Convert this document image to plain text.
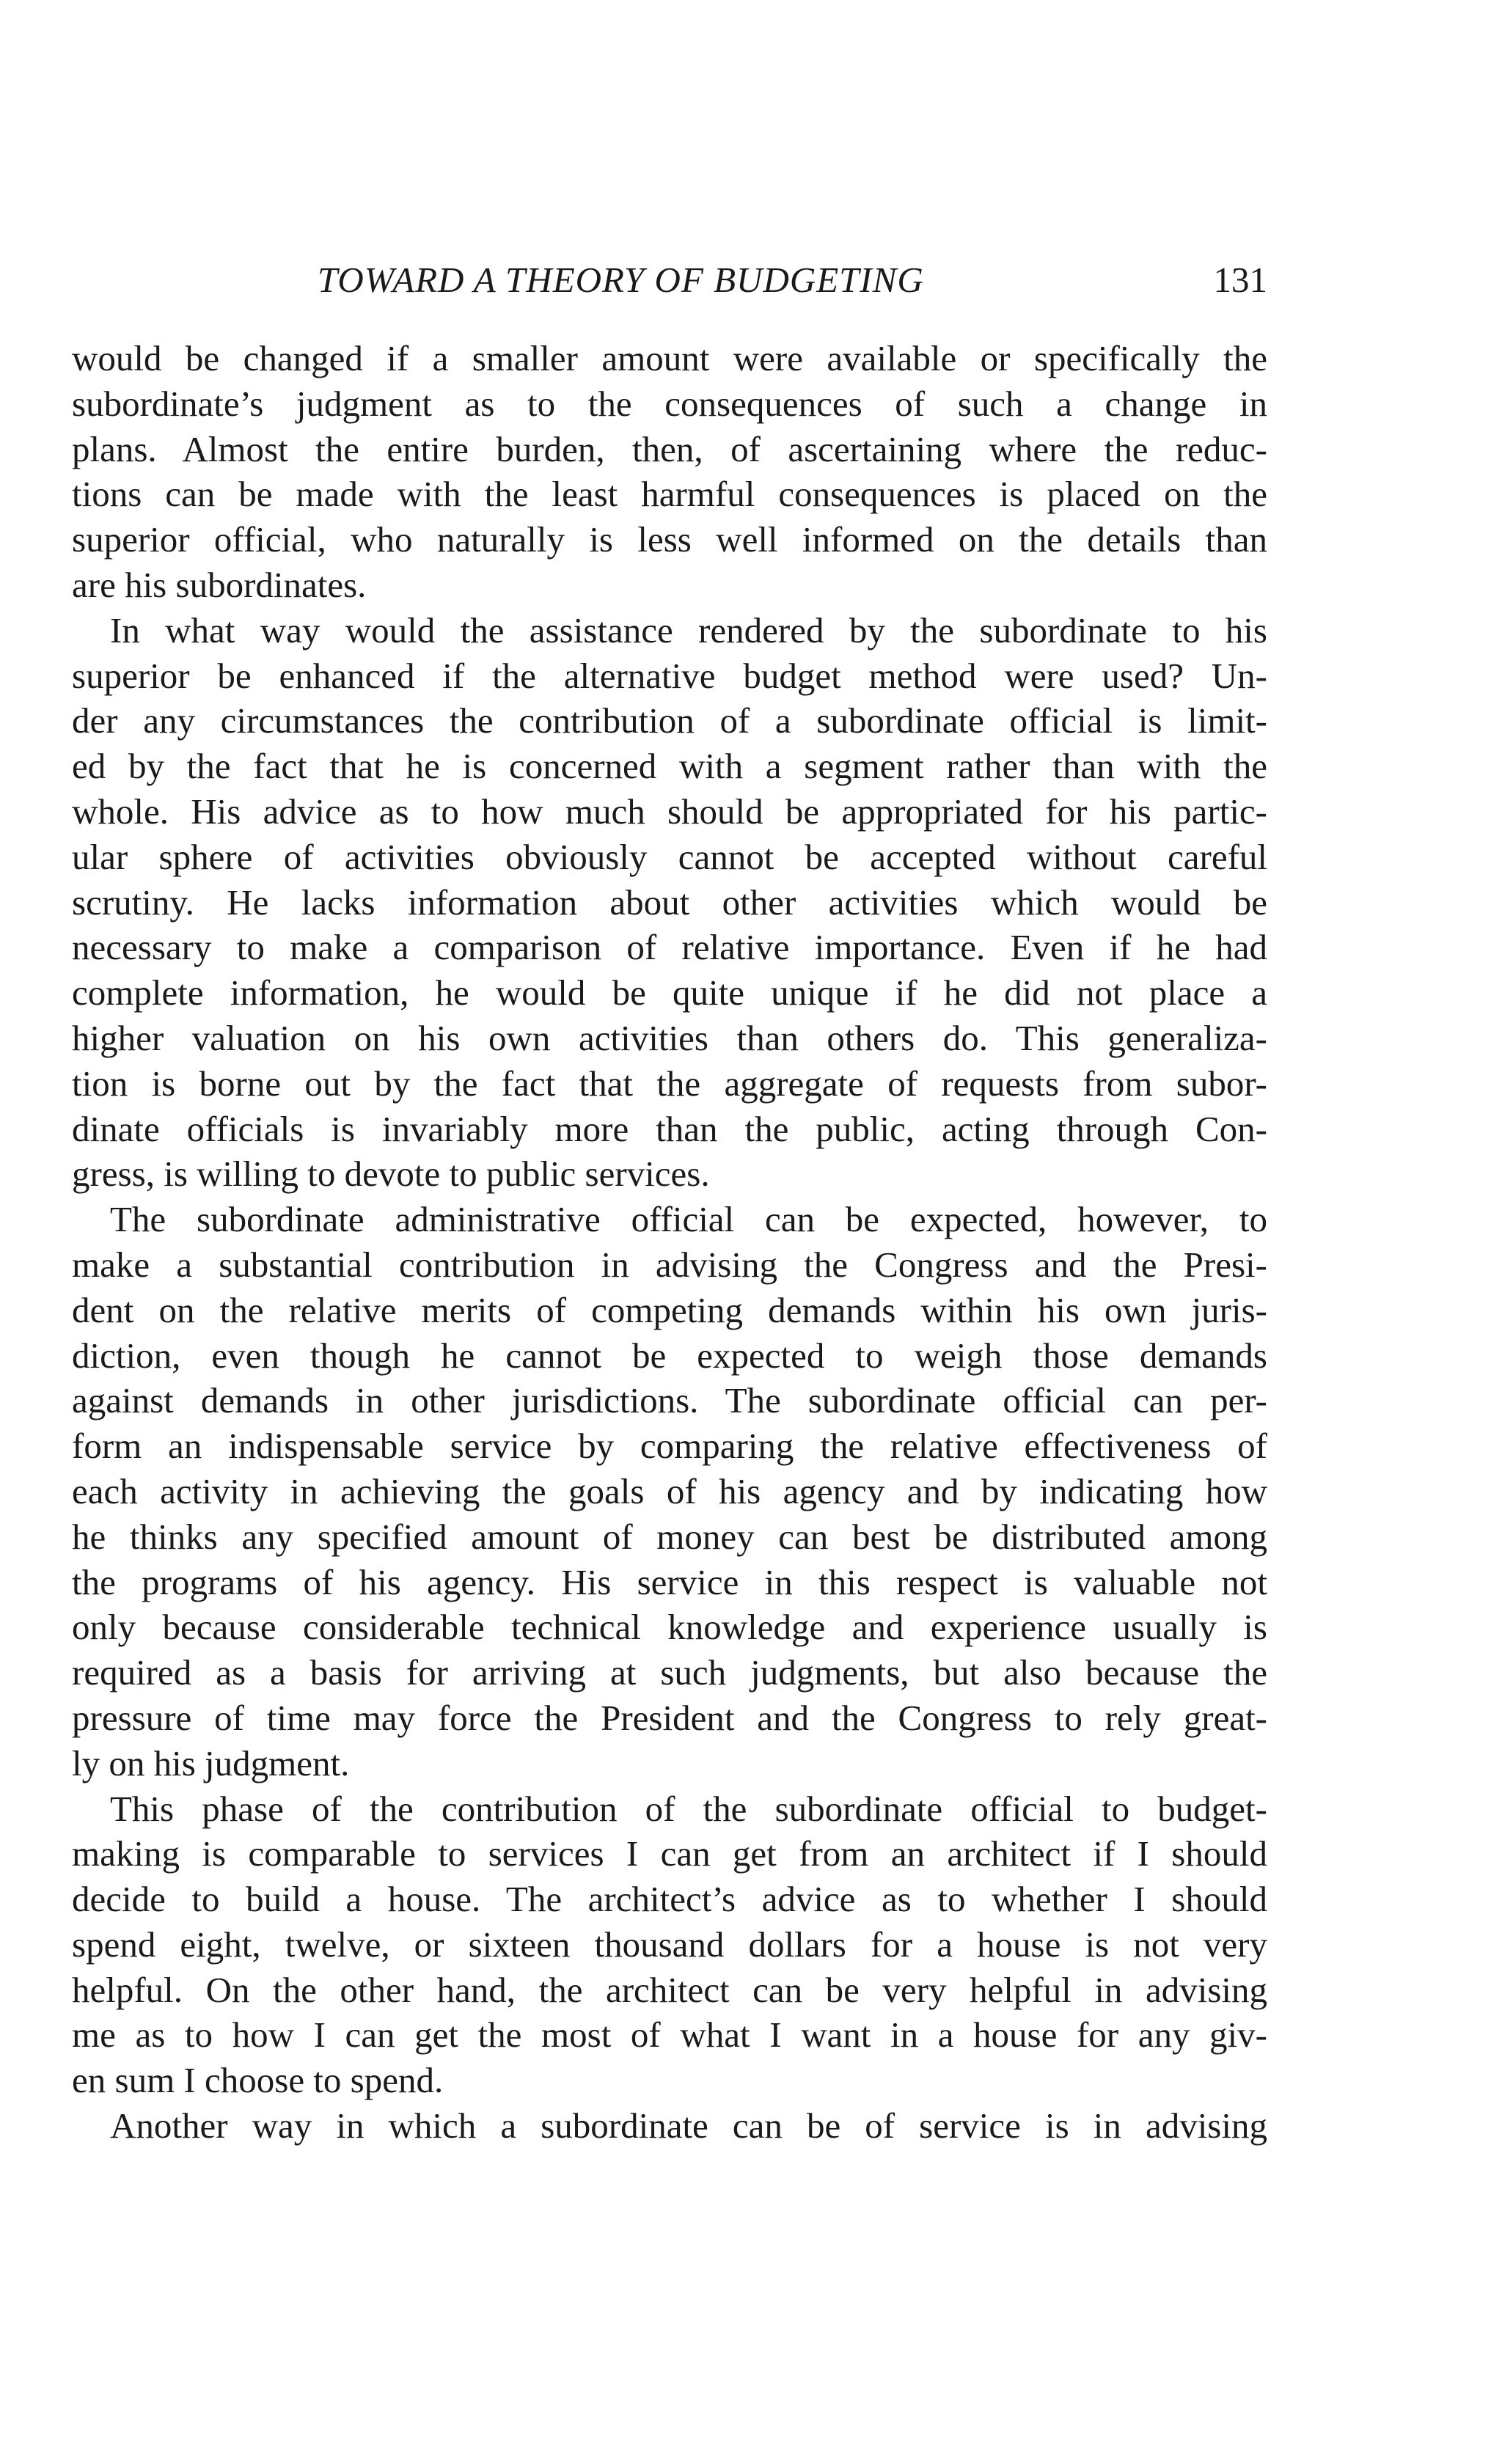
TOWARD A THEORY OF BUDGETING	131
would be changed if a smaller amount were available or specifically the
subordinate’s judgment as to the consequences of such a change in
plans. Almost the entire burden, then, of ascertaining where the reduc-
tions can be made with the least harmful consequences is placed on the
superior official, who naturally is less well informed on the details than
are his subordinates.
In what way would the assistance rendered by the subordinate to his
superior be enhanced if the alternative budget method were used? Un-
der any circumstances the contribution of a subordinate official is limit-
ed by the fact that he is concerned with a segment rather than with the
whole. His advice as to how much should be appropriated for his partic-
ular sphere of activities obviously cannot be accepted without careful
scrutiny. He lacks information about other activities which would be
necessary to make a comparison of relative importance. Even if he had
complete information, he would be quite unique if he did not place a
higher valuation on his own activities than others do. This generaliza-
tion is borne out by the fact that the aggregate of requests from subor-
dinate officials is invariably more than the public, acting through Con-
gress, is willing to devote to public services.
The subordinate administrative official can be expected, however, to
make a substantial contribution in advising the Congress and the Presi-
dent on the relative merits of competing demands within his own juris-
diction, even though he cannot be expected to weigh those demands
against demands in other jurisdictions. The subordinate official can per-
form an indispensable service by comparing the relative effectiveness of
each activity in achieving the goals of his agency and by indicating how
he thinks any specified amount of money can best be distributed among
the programs of his agency. His service in this respect is valuable not
only because considerable technical knowledge and experience usually is
required as a basis for arriving at such judgments, but also because the
pressure of time may force the President and the Congress to rely great-
ly on his judgment.
This phase of the contribution of the subordinate official to budget-
making is comparable to services I can get from an architect if I should
decide to build a house. The architect’s advice as to whether I should
spend eight, twelve, or sixteen thousand dollars for a house is not very
helpful. On the other hand, the architect can be very helpful in advising
me as to how I can get the most of what I want in a house for any giv-
en sum I choose to spend.
Another way in which a subordinate can be of service is in advising
